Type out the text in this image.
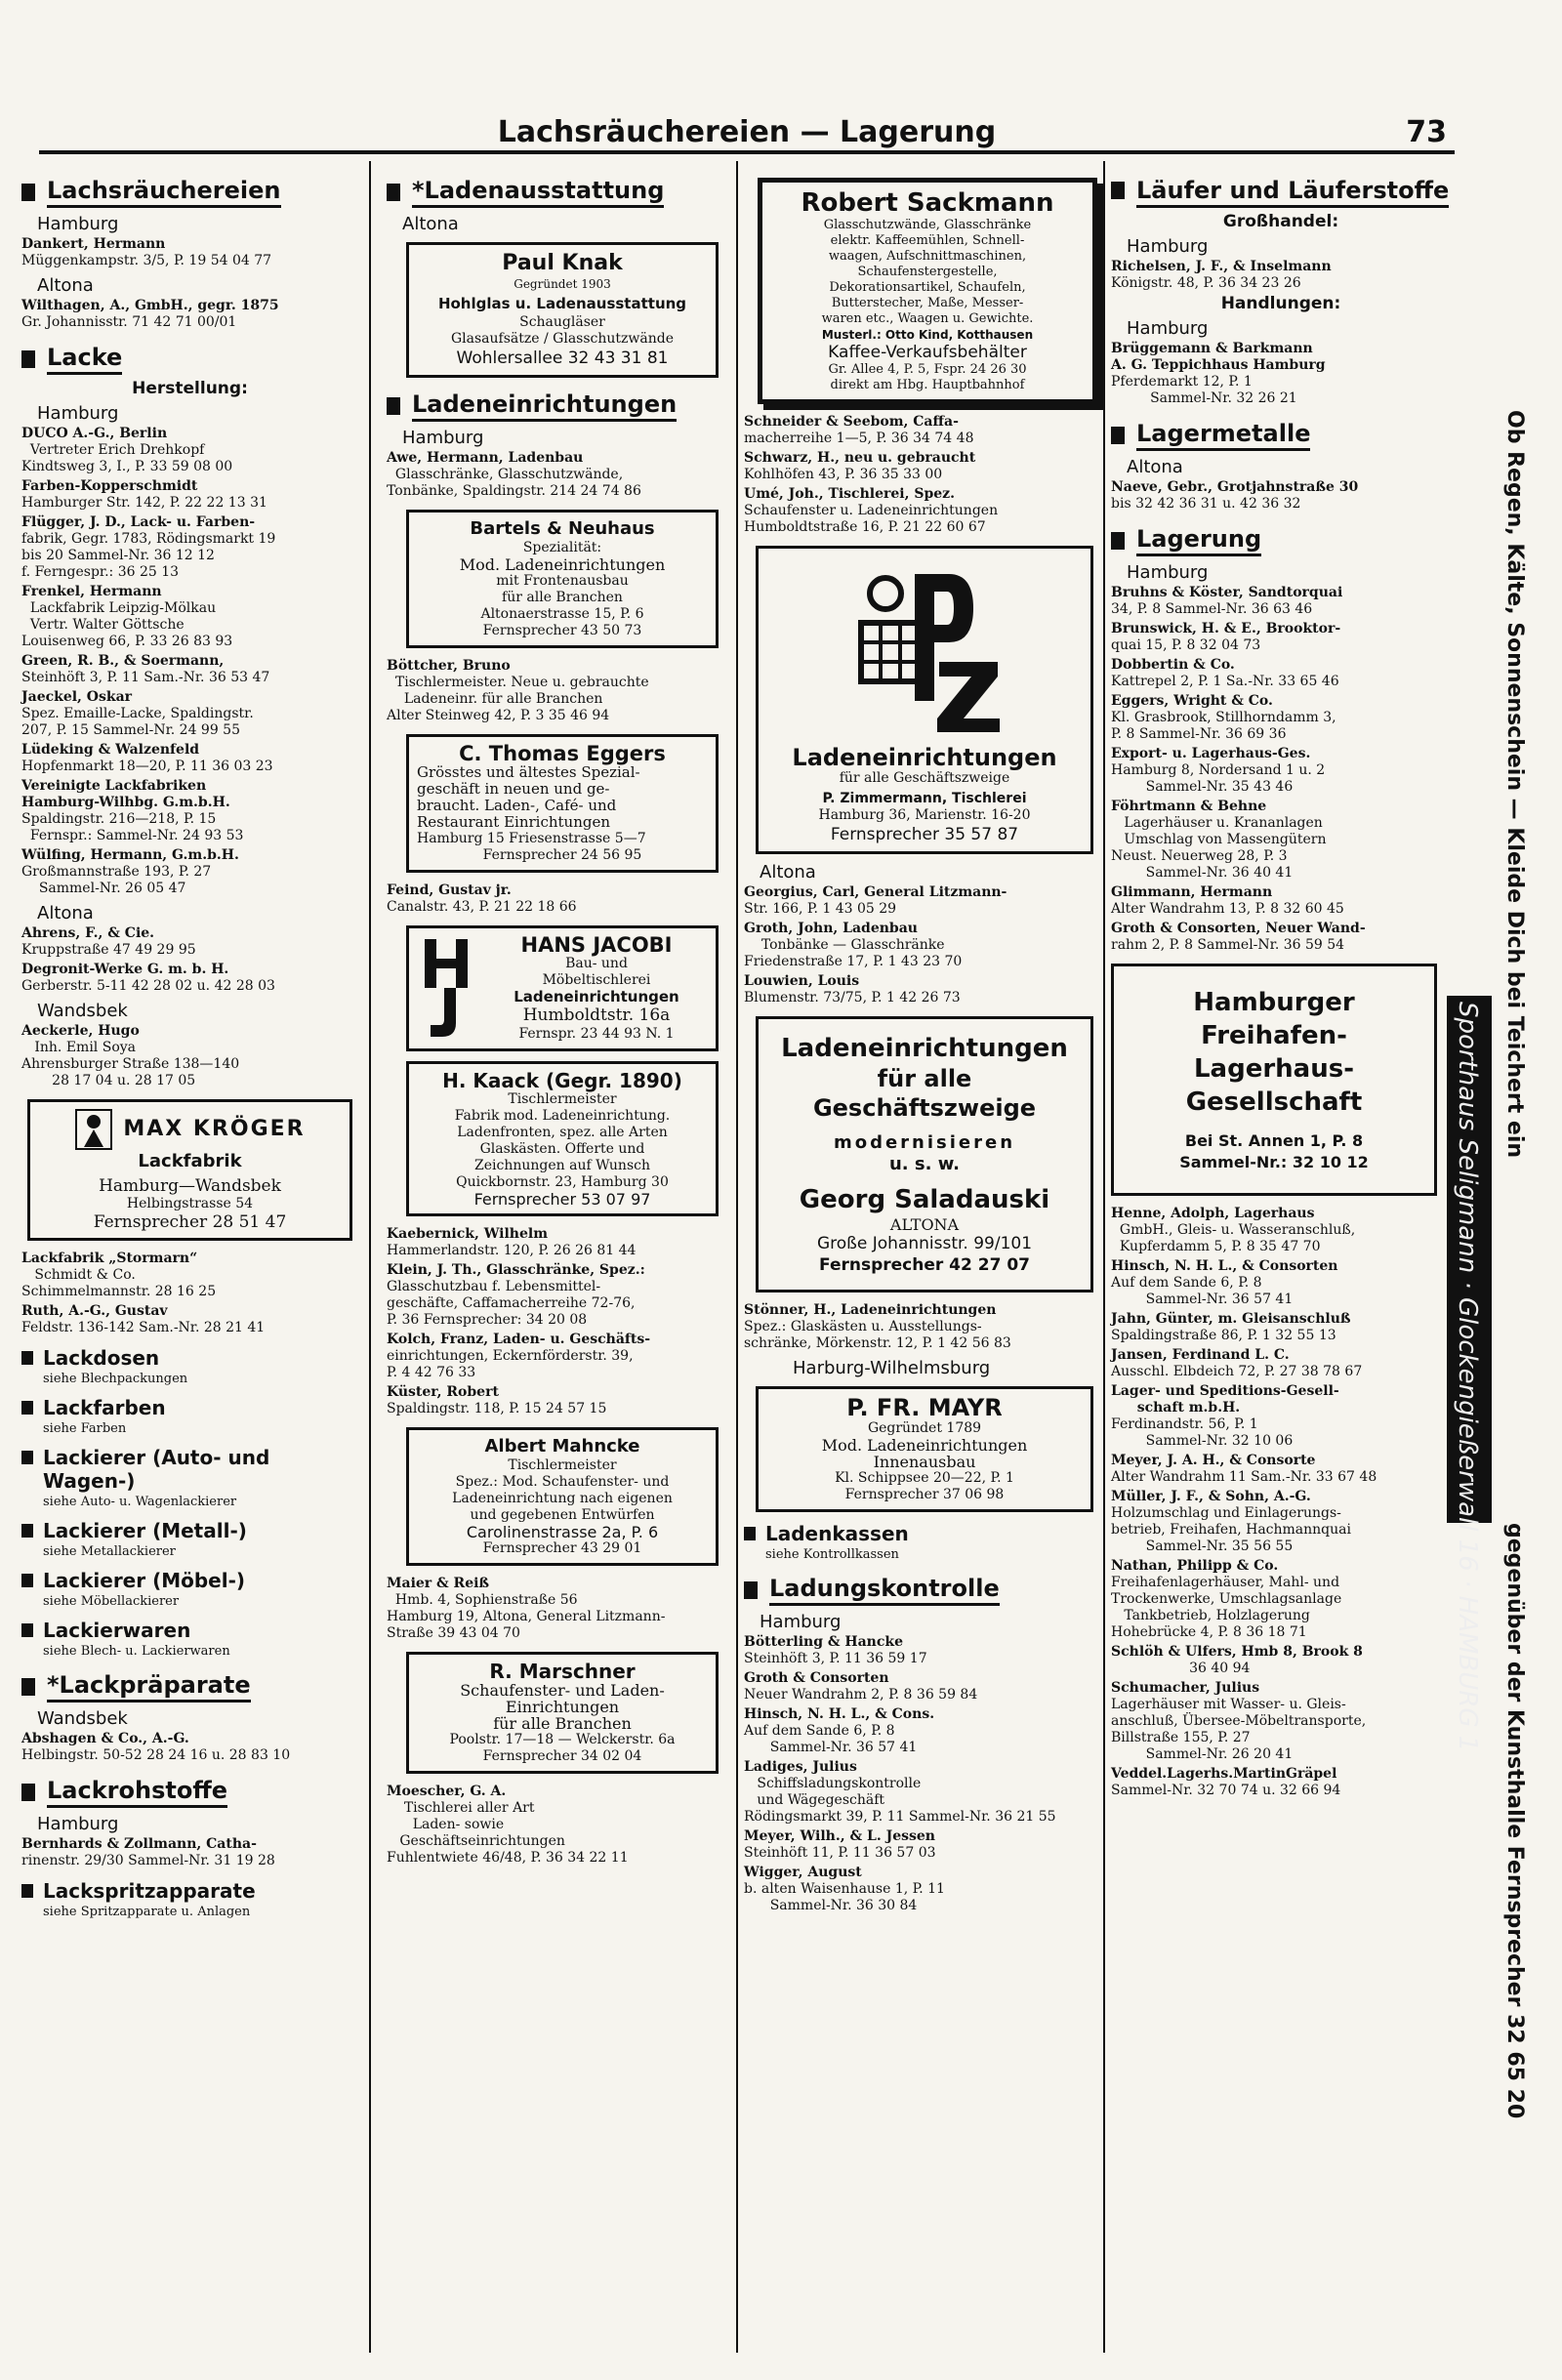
Lachsräuchereien — Lagerung	73
Lachsräuchereien
Hamburg
Dankert, Hermann
Müggenkampstr. 3/5, P. 19 54 04 77
Altona
Wilthagen, A., GmbH., gegr. 1875
Gr. Johannisstr. 71 42 71 00/01
Lacke
Herstellung:
Hamburg
DUCO A.-G., Berlin
Vertreter Erich Drehkopf
Kindtsweg 3, I., P. 33 59 08 00
Farben-Kopperschmidt
Hamburger Str. 142, P. 22 22 13 31
Flügger, J. D., Lack- u. Farben-
fabrik, Gegr. 1783, Rödingsmarkt 19
bis 20 Sammel-Nr. 36 12 12
f. Ferngespr.: 36 25 13
Frenkel, Hermann
Lackfabrik Leipzig-Mölkau
Vertr. Walter Göttsche
Louisenweg 66, P. 33 26 83 93
Green, R. B., & Soermann,
Steinhöft 3, P. 11 Sam.-Nr. 36 53 47
Jaeckel, Oskar
Spez. Emaille-Lacke, Spaldingstr.
207, P. 15 Sammel-Nr. 24 99 55
Lüdeking & Walzenfeld
Hopfenmarkt 18—20, P. 11 36 03 23
Vereinigte Lackfabriken
Hamburg-Wilhbg. G.m.b.H.
Spaldingstr. 216—218, P. 15
Fernspr.: Sammel-Nr. 24 93 53
Wülfing, Hermann, G.m.b.H.
Großmannstraße 193, P. 27
Sammel-Nr. 26 05 47
Altona
Ahrens, F., & Cie.
Kruppstraße 47 49 29 95
Degronit-Werke G. m. b. H.
Gerberstr. 5-11 42 28 02 u. 42 28 03
Wandsbek
Aeckerle, Hugo
Inh. Emil Soya
Ahrensburger Straße 138—140
28 17 04 u. 28 17 05
MAX KRÖGER
Lackfabrik
Hamburg—Wandsbek
Helbingstrasse 54
Fernsprecher 28 51 47
Lackfabrik „Stormarn“
Schmidt & Co.
Schimmelmannstr. 28 16 25
Ruth, A.-G., Gustav
Feldstr. 136-142 Sam.-Nr. 28 21 41
Lackdosen
siehe Blechpackungen
Lackfarben
siehe Farben
Lackierer (Auto- und Wagen-)
siehe Auto- u. Wagenlackierer
Lackierer (Metall-)
siehe Metallackierer
Lackierer (Möbel-)
siehe Möbellackierer
Lackierwaren
siehe Blech- u. Lackierwaren
*Lackpräparate
Wandsbek
Abshagen & Co., A.-G.
Helbingstr. 50-52 28 24 16 u. 28 83 10
Lackrohstoffe
Hamburg
Bernhards & Zollmann, Catha-
rinenstr. 29/30 Sammel-Nr. 31 19 28
Lackspritzapparate
siehe Spritzapparate u. Anlagen
*Ladenausstattung
Altona
Paul Knak
Gegründet 1903
Hohlglas u. Ladenausstattung
Schaugläser
Glasaufsätze / Glasschutzwände
Wohlersallee 32 43 31 81
Ladeneinrichtungen
Hamburg
Awe, Hermann, Ladenbau
Glasschränke, Glasschutzwände,
Tonbänke, Spaldingstr. 214 24 74 86
Bartels & Neuhaus
Spezialität:
Mod. Ladeneinrichtungen
mit Frontenausbau
für alle Branchen
Altonaerstrasse 15, P. 6
Fernsprecher 43 50 73
Böttcher, Bruno
Tischlermeister. Neue u. gebrauchte
Ladeneinr. für alle Branchen
Alter Steinweg 42, P. 3 35 46 94
C. Thomas Eggers
Grösstes und ältestes Spezial-
geschäft in neuen und ge-
braucht. Laden-, Café- und
Restaurant Einrichtungen
Hamburg 15 Friesenstrasse 5—7
Fernsprecher 24 56 95
Feind, Gustav jr.
Canalstr. 43, P. 21 22 18 66
HANS JACOBI
Bau- und
Möbeltischlerei
Ladeneinrichtungen
Humboldtstr. 16a
Fernspr. 23 44 93 N. 1
H. Kaack (Gegr. 1890)
Tischlermeister
Fabrik mod. Ladeneinrichtung.
Ladenfronten, spez. alle Arten
Glaskästen. Offerte und
Zeichnungen auf Wunsch
Quickbornstr. 23, Hamburg 30
Fernsprecher 53 07 97
Kaebernick, Wilhelm
Hammerlandstr. 120, P. 26 26 81 44
Klein, J. Th., Glasschränke, Spez.:
Glasschutzbau f. Lebensmittel-
geschäfte, Caffamacherreihe 72-76,
P. 36 Fernsprecher: 34 20 08
Kolch, Franz, Laden- u. Geschäfts-
einrichtungen, Eckernförderstr. 39,
P. 4 42 76 33
Küster, Robert
Spaldingstr. 118, P. 15 24 57 15
Albert Mahncke
Tischlermeister
Spez.: Mod. Schaufenster- und
Ladeneinrichtung nach eigenen
und gegebenen Entwürfen
Carolinenstrasse 2a, P. 6
Fernsprecher 43 29 01
Maier & Reiß
Hmb. 4, Sophienstraße 56
Hamburg 19, Altona, General Litzmann-
Straße 39 43 04 70
R. Marschner
Schaufenster- und Laden-
Einrichtungen
für alle Branchen
Poolstr. 17—18 — Welckerstr. 6a
Fernsprecher 34 02 04
Moescher, G. A.
Tischlerei aller Art
Laden- sowie
Geschäftseinrichtungen
Fuhlentwiete 46/48, P. 36 34 22 11
Robert Sackmann
Glasschutzwände, Glasschränke
elektr. Kaffeemühlen, Schnell-
waagen, Aufschnittmaschinen,
Schaufenstergestelle,
Dekorationsartikel, Schaufeln,
Butterstecher, Maße, Messer-
waren etc., Waagen u. Gewichte.
Musterl.: Otto Kind, Kotthausen
Kaffee-Verkaufsbehälter
Gr. Allee 4, P. 5, Fspr. 24 26 30
direkt am Hbg. Hauptbahnhof
Schneider & Seebom, Caffa-
macherreihe 1—5, P. 36 34 74 48
Schwarz, H., neu u. gebraucht
Kohlhöfen 43, P. 36 35 33 00
Umé, Joh., Tischlerei, Spez.
Schaufenster u. Ladeneinrichtungen
Humboldtstraße 16, P. 21 22 60 67
Ladeneinrichtungen
für alle Geschäftszweige
P. Zimmermann, Tischlerei
Hamburg 36, Marienstr. 16-20
Fernsprecher 35 57 87
Altona
Georgius, Carl, General Litzmann-
Str. 166, P. 1 43 05 29
Groth, John, Ladenbau
Tonbänke — Glasschränke
Friedenstraße 17, P. 1 43 23 70
Louwien, Louis
Blumenstr. 73/75, P. 1 42 26 73
Ladeneinrichtungen
für alle Geschäftszweige
modernisieren
u. s. w.
Georg Saladauski
ALTONA
Große Johannisstr. 99/101
Fernsprecher 42 27 07
Stönner, H., Ladeneinrichtungen
Spez.: Glaskästen u. Ausstellungs-
schränke, Mörkenstr. 12, P. 1 42 56 83
Harburg-Wilhelmsburg
P. FR. MAYR
Gegründet 1789
Mod. Ladeneinrichtungen
Innenausbau
Kl. Schippsee 20—22, P. 1
Fernsprecher 37 06 98
Ladenkassen
siehe Kontrollkassen
Ladungskontrolle
Hamburg
Bötterling & Hancke
Steinhöft 3, P. 11 36 59 17
Groth & Consorten
Neuer Wandrahm 2, P. 8 36 59 84
Hinsch, N. H. L., & Cons.
Auf dem Sande 6, P. 8
Sammel-Nr. 36 57 41
Ladiges, Julius
Schiffsladungskontrolle
und Wägegeschäft
Rödingsmarkt 39, P. 11 Sammel-Nr. 36 21 55
Meyer, Wilh., & L. Jessen
Steinhöft 11, P. 11 36 57 03
Wigger, August
b. alten Waisenhause 1, P. 11
Sammel-Nr. 36 30 84
Läufer und Läuferstoffe
Großhandel:
Hamburg
Richelsen, J. F., & Inselmann
Königstr. 48, P. 36 34 23 26
Handlungen:
Hamburg
Brüggemann & Barkmann
A. G. Teppichhaus Hamburg
Pferdemarkt 12, P. 1
Sammel-Nr. 32 26 21
Lagermetalle
Altona
Naeve, Gebr., Grotjahnstraße 30
bis 32 42 36 31 u. 42 36 32
Lagerung
Hamburg
Bruhns & Köster, Sandtorquai
34, P. 8 Sammel-Nr. 36 63 46
Brunswick, H. & E., Brooktor-
quai 15, P. 8 32 04 73
Dobbertin & Co.
Kattrepel 2, P. 1 Sa.-Nr. 33 65 46
Eggers, Wright & Co.
Kl. Grasbrook, Stillhorndamm 3,
P. 8 Sammel-Nr. 36 69 36
Export- u. Lagerhaus-Ges.
Hamburg 8, Nordersand 1 u. 2
Sammel-Nr. 35 43 46
Föhrtmann & Behne
Lagerhäuser u. Krananlagen
Umschlag von Massengütern
Neust. Neuerweg 28, P. 3
Sammel-Nr. 36 40 41
Glimmann, Hermann
Alter Wandrahm 13, P. 8 32 60 45
Groth & Consorten, Neuer Wand-
rahm 2, P. 8 Sammel-Nr. 36 59 54
Hamburger
Freihafen-Lagerhaus-
Gesellschaft
Bei St. Annen 1, P. 8
Sammel-Nr.: 32 10 12
Henne, Adolph, Lagerhaus
GmbH., Gleis- u. Wasseranschluß,
Kupferdamm 5, P. 8 35 47 70
Hinsch, N. H. L., & Consorten
Auf dem Sande 6, P. 8
Sammel-Nr. 36 57 41
Jahn, Günter, m. Gleisanschluß
Spaldingstraße 86, P. 1 32 55 13
Jansen, Ferdinand L. C.
Ausschl. Elbdeich 72, P. 27 38 78 67
Lager- und Speditions-Gesell-
schaft m.b.H.
Ferdinandstr. 56, P. 1
Sammel-Nr. 32 10 06
Meyer, J. A. H., & Consorte
Alter Wandrahm 11 Sam.-Nr. 33 67 48
Müller, J. F., & Sohn, A.-G.
Holzumschlag und Einlagerungs-
betrieb, Freihafen, Hachmannquai
Sammel-Nr. 35 56 55
Nathan, Philipp & Co.
Freihafenlagerhäuser, Mahl- und
Trockenwerke, Umschlagsanlage
Tankbetrieb, Holzlagerung
Hohebrücke 4, P. 8 36 18 71
Schlöh & Ulfers, Hmb 8, Brook 8
36 40 94
Schumacher, Julius
Lagerhäuser mit Wasser- u. Gleis-
anschluß, Übersee-Möbeltransporte,
Billstraße 155, P. 27
Sammel-Nr. 26 20 41
Veddel.Lagerhs.MartinGräpel
Sammel-Nr. 32 70 74 u. 32 66 94
Ob Regen, Kälte, Sonnenschein — Kleide Dich bei Teichert ein
Sporthaus Seligmann · Glockengießerwall 16 · HAMBURG 1
gegenüber der Kunsthalle Fernsprecher 32 65 20
